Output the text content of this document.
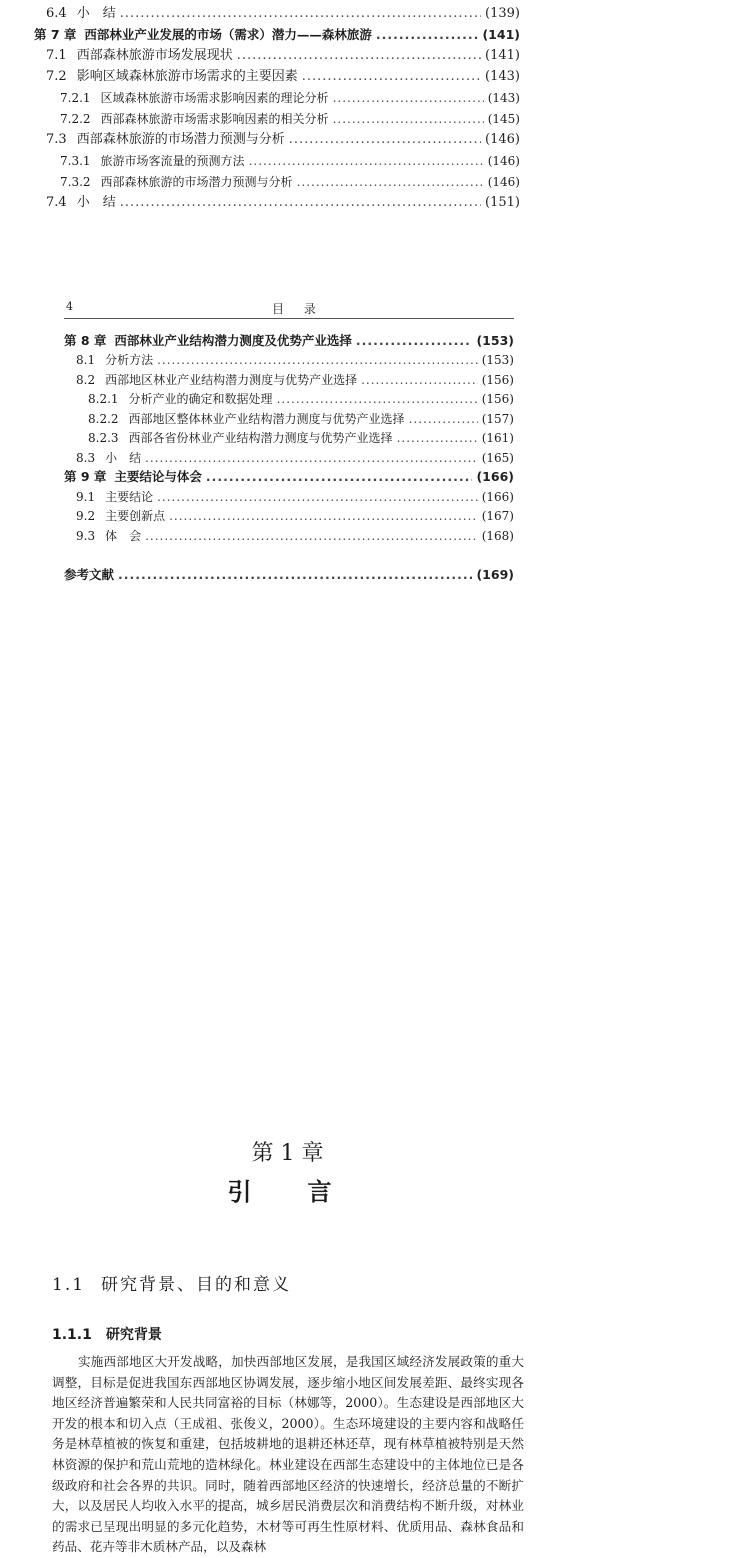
6.4 小　结 .....	(139)
第 7 章 西部林业产业发展的市场（需求）潜力——森林旅游 .....	(141)
7.1 西部森林旅游市场发展现状 .....	(141)
7.2 影响区域森林旅游市场需求的主要因素 .....	(143)
7.2.1 区域森林旅游市场需求影响因素的理论分析 .....	(143)
7.2.2 西部森林旅游市场需求影响因素的相关分析 .....	(145)
7.3 西部森林旅游的市场潜力预测与分析 .....	(146)
7.3.1 旅游市场客流量的预测方法 .....	(146)
7.3.2 西部森林旅游的市场潜力预测与分析 .....	(146)
7.4 小　结 .....	(151)
4	目 录
第 8 章 西部林业产业结构潜力测度及优势产业选择 .....	(153)
8.1 分析方法 .....	(153)
8.2 西部地区林业产业结构潜力测度与优势产业选择 .....	(156)
8.2.1 分析产业的确定和数据处理 .....	(156)
8.2.2 西部地区整体林业产业结构潜力测度与优势产业选择 .....	(157)
8.2.3 西部各省份林业产业结构潜力测度与优势产业选择 .....	(161)
8.3 小　结 .....	(165)
第 9 章 主要结论与体会 .....	(166)
9.1 主要结论 .....	(166)
9.2 主要创新点 .....	(167)
9.3 体　会 .....	(168)
参考文献 .....	(169)
第 1 章
引　言
1.1 研究背景、目的和意义
1.1.1 研究背景

实施西部地区大开发战略，加快西部地区发展，是我国区域经济发展政策的重大调整，目标是促进我国东西部地区协调发展，逐步缩小地区间发展差距、最终实现各地区经济普遍繁荣和人民共同富裕的目标（林娜等，2000）。生态建设是西部地区大开发的根本和切入点（王成祖、张俊义，2000）。生态环境建设的主要内容和战略任务是林草植被的恢复和重建，包括坡耕地的退耕还林还草，现有林草植被特别是天然林资源的保护和荒山荒地的造林绿化。林业建设在西部生态建设中的主体地位已是各级政府和社会各界的共识。同时，随着西部地区经济的快速增长，经济总量的不断扩大，以及居民人均收入水平的提高，城乡居民消费层次和消费结构不断升级，对林业的需求已呈现出明显的多元化趋势，木材等可再生性原材料、优质用品、森林食品和药品、花卉等非木质林产品，以及森林
